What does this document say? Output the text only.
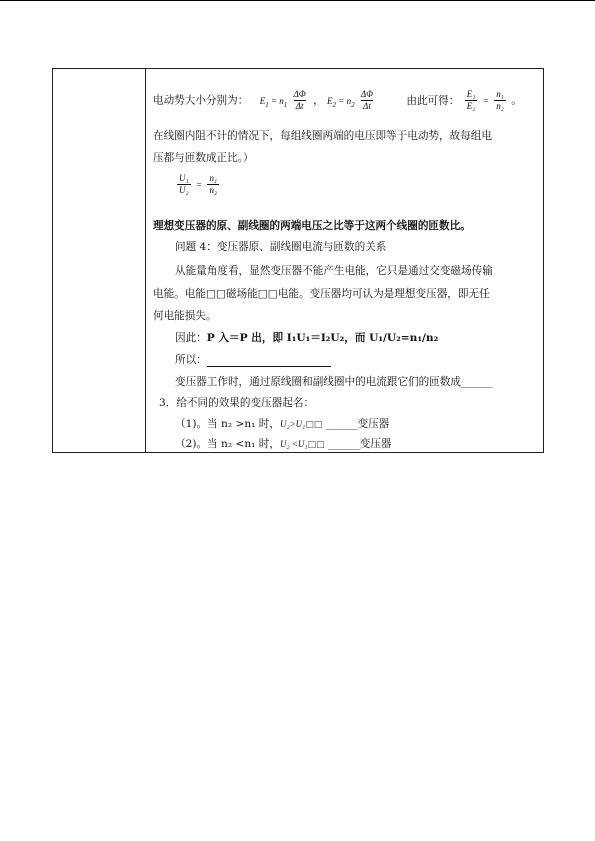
电动势大小分别为： $E_1 = n_1 \frac{\Delta\Phi}{\Delta t}$ ， $E_2 = n_2 \frac{\Delta\Phi}{\Delta t}$	由此可得： $\frac{\text{E₁}}{\text{E₂}} = \frac{\text{n₁}}{\text{n₂}}$ 。
在线圈内阻不计的情况下，每组线圈两端的电压即等于电动势，故每组电
压都与匝数成正比。）
$\frac{\text{U₁}}{\text{U₂}} = \frac{\text{n₁}}{\text{n₂}}$
理想变压器的原、副线圈的两端电压之比等于这两个线圈的匝数比。
问题 4：变压器原、副线圈电流与匝数的关系
从能量角度看，显然变压器不能产生电能，它只是通过交变磁场传输
电能。电能□□磁场能□□电能。变压器均可认为是理想变压器，即无任
何电能损失。
因此：P 入＝P 出，即 I₁U₁＝I₂U₂，而 U₁/U₂=n₁/n₂
所以：
变压器工作时，通过原线圈和副线圈中的电流跟它们的匝数成______
3．给不同的效果的变压器起名：
（1)。当 n₂ >n₁ 时，U₂>U₁□□ ______变压器
（2)。当 n₂ <n₁ 时，U₂ <U₁□□ ______变压器
